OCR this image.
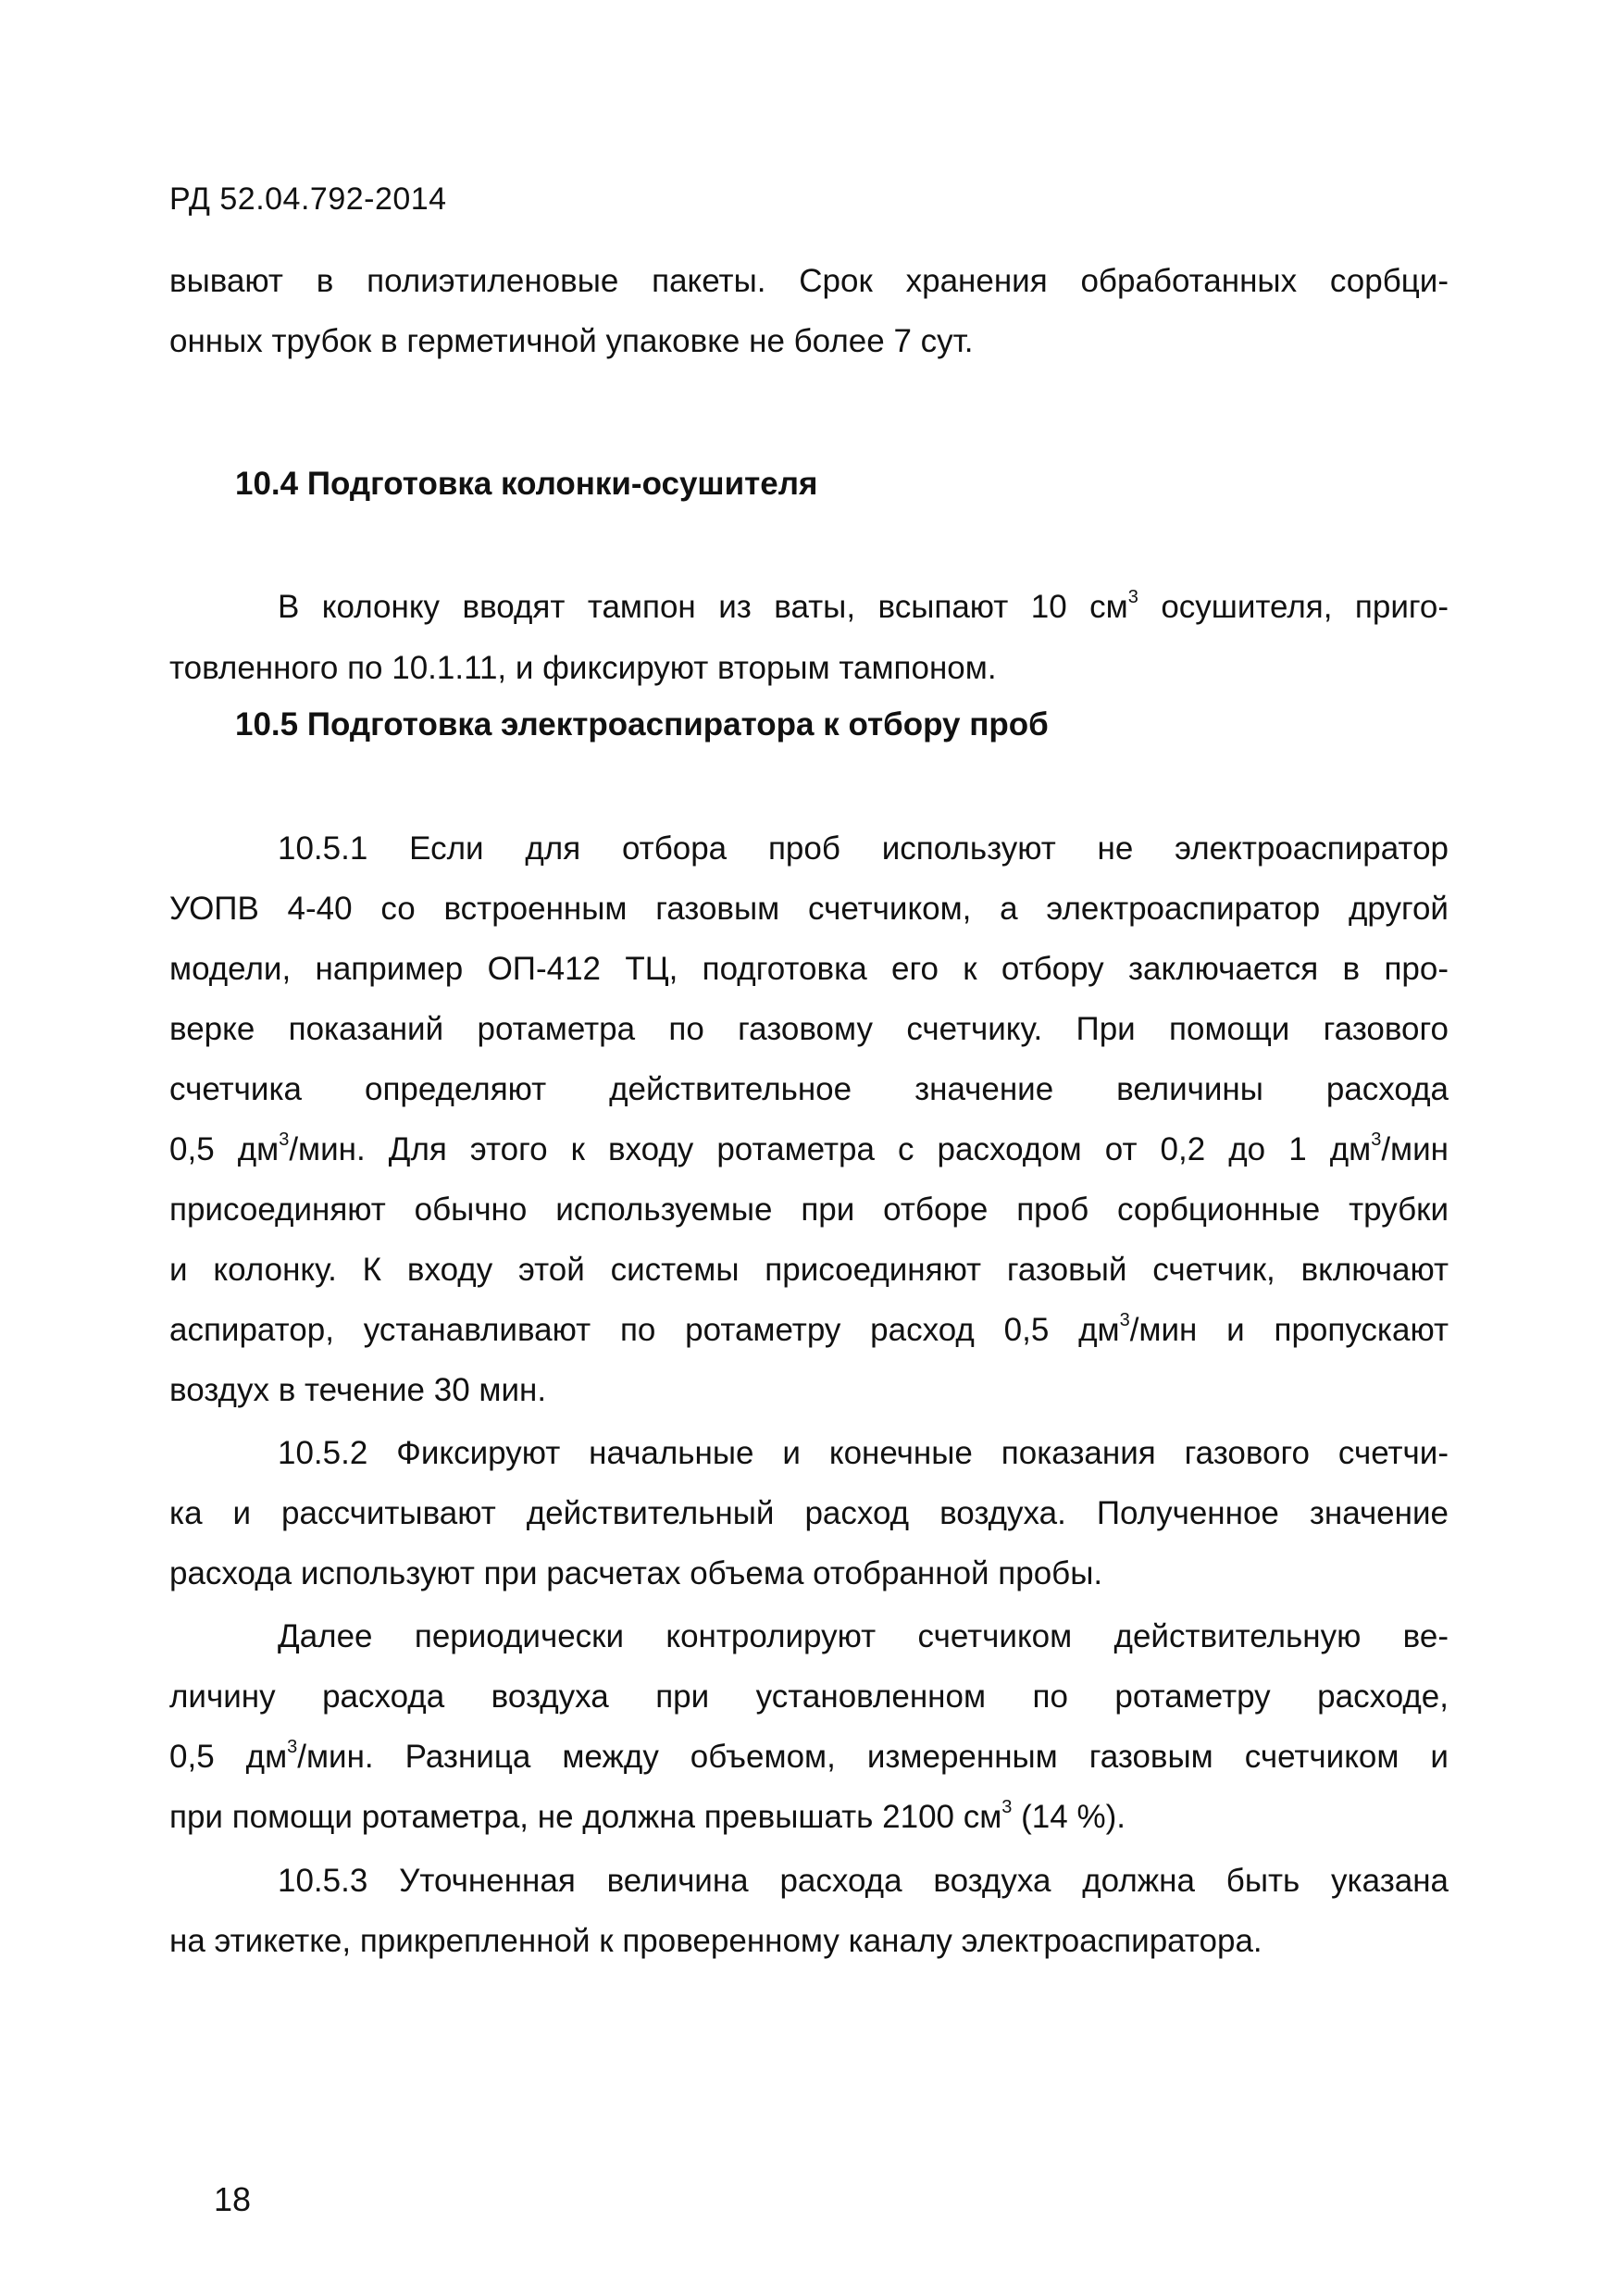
РД 52.04.792-2014
вывают в полиэтиленовые пакеты. Срок хранения обработанных сорбци-
онных трубок в герметичной упаковке не более 7 сут.
10.4 Подготовка колонки-осушителя
В колонку вводят тампон из ваты, всыпают 10 $см^3$ осушителя, приго-
товленного по 10.1.11, и фиксируют вторым тампоном.
10.5 Подготовка электроаспиратора к отбору проб
10.5.1 Если для отбора проб используют не электроаспиратор
УОПВ 4-40 со встроенным газовым счетчиком, а электроаспиратор другой
модели, например ОП-412 ТЦ, подготовка его к отбору заключается в про-
верке показаний ротаметра по газовому счетчику. При помощи газового
счетчика определяют действительное значение величины расхода
0,5 $дм^3$/мин. Для этого к входу ротаметра с расходом от 0,2 до 1 $дм^3$/мин
присоединяют обычно используемые при отборе проб сорбционные трубки
и колонку. К входу этой системы присоединяют газовый счетчик, включают
аспиратор, устанавливают по ротаметру расход 0,5 $дм^3$/мин и пропускают
воздух в течение 30 мин.
10.5.2 Фиксируют начальные и конечные показания газового счетчи-
ка и рассчитывают действительный расход воздуха. Полученное значение
расхода используют при расчетах объема отобранной пробы.
Далее периодически контролируют счетчиком действительную ве-
личину расхода воздуха при установленном по ротаметру расходе,
0,5 $дм^3$/мин. Разница между объемом, измеренным газовым счетчиком и
при помощи ротаметра, не должна превышать 2100 $см^3$ (14 %).
10.5.3 Уточненная величина расхода воздуха должна быть указана
на этикетке, прикрепленной к проверенному каналу электроаспиратора.
18
